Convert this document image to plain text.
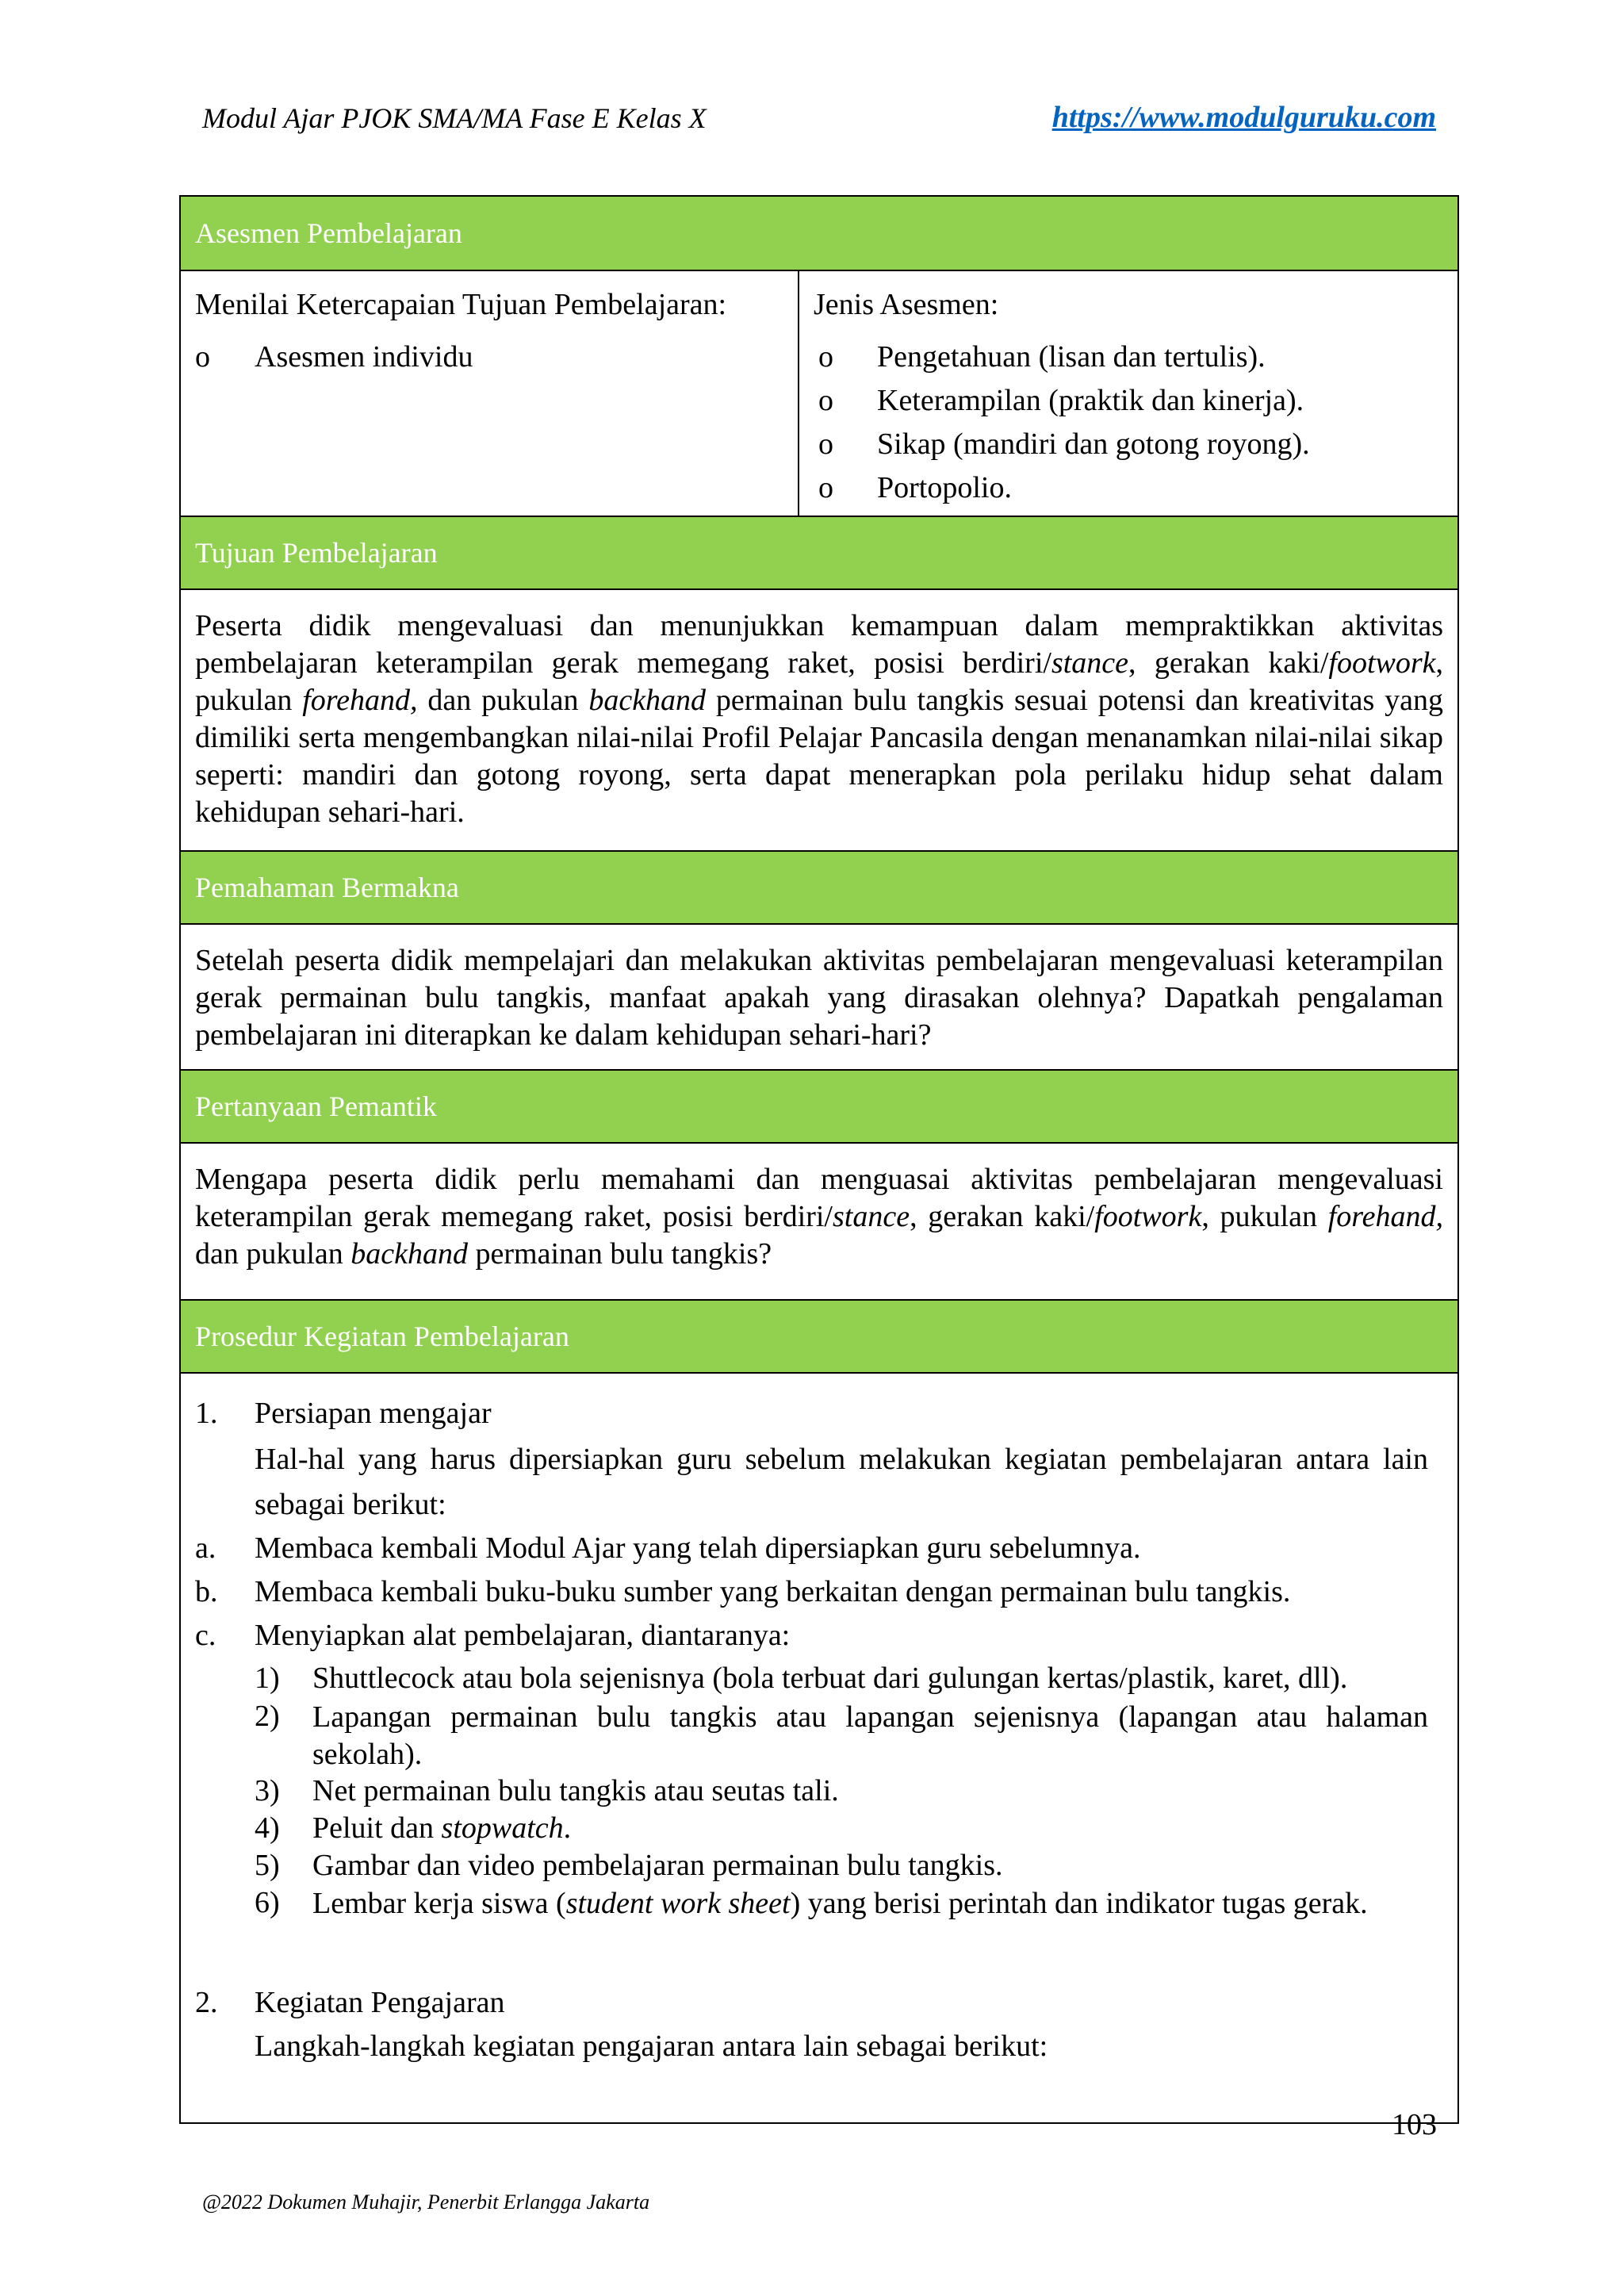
Modul Ajar PJOK SMA/MA Fase E Kelas X	https://www.modulguruku.com
Asesmen Pembelajaran
Menilai Ketercapaian Tujuan Pembelajaran:
o Asesmen individu
Jenis Asesmen:
o Pengetahuan (lisan dan tertulis).
o Keterampilan (praktik dan kinerja).
o Sikap (mandiri dan gotong royong).
o Portopolio.
Tujuan Pembelajaran
Peserta didik mengevaluasi dan menunjukkan kemampuan dalam mempraktikkan aktivitas pembelajaran keterampilan gerak memegang raket, posisi berdiri/stance, gerakan kaki/footwork, pukulan forehand, dan pukulan backhand permainan bulu tangkis sesuai potensi dan kreativitas yang dimiliki serta mengembangkan nilai-nilai Profil Pelajar Pancasila dengan menanamkan nilai-nilai sikap seperti: mandiri dan gotong royong, serta dapat menerapkan pola perilaku hidup sehat dalam kehidupan sehari-hari.
Pemahaman Bermakna
Setelah peserta didik mempelajari dan melakukan aktivitas pembelajaran mengevaluasi keterampilan gerak permainan bulu tangkis, manfaat apakah yang dirasakan olehnya? Dapatkah pengalaman pembelajaran ini diterapkan ke dalam kehidupan sehari-hari?
Pertanyaan Pemantik
Mengapa peserta didik perlu memahami dan menguasai aktivitas pembelajaran mengevaluasi keterampilan gerak memegang raket, posisi berdiri/stance, gerakan kaki/footwork, pukulan forehand, dan pukulan backhand permainan bulu tangkis?
Prosedur Kegiatan Pembelajaran
1. Persiapan mengajar
Hal-hal yang harus dipersiapkan guru sebelum melakukan kegiatan pembelajaran antara lain sebagai berikut:
a. Membaca kembali Modul Ajar yang telah dipersiapkan guru sebelumnya.
b. Membaca kembali buku-buku sumber yang berkaitan dengan permainan bulu tangkis.
c. Menyiapkan alat pembelajaran, diantaranya:
1) Shuttlecock atau bola sejenisnya (bola terbuat dari gulungan kertas/plastik, karet, dll).
2) Lapangan permainan bulu tangkis atau lapangan sejenisnya (lapangan atau halaman sekolah).
3) Net permainan bulu tangkis atau seutas tali.
4) Peluit dan stopwatch.
5) Gambar dan video pembelajaran permainan bulu tangkis.
6) Lembar kerja siswa (student work sheet) yang berisi perintah dan indikator tugas gerak.
2. Kegiatan Pengajaran
Langkah-langkah kegiatan pengajaran antara lain sebagai berikut:
103
@2022 Dokumen Muhajir, Penerbit Erlangga Jakarta
